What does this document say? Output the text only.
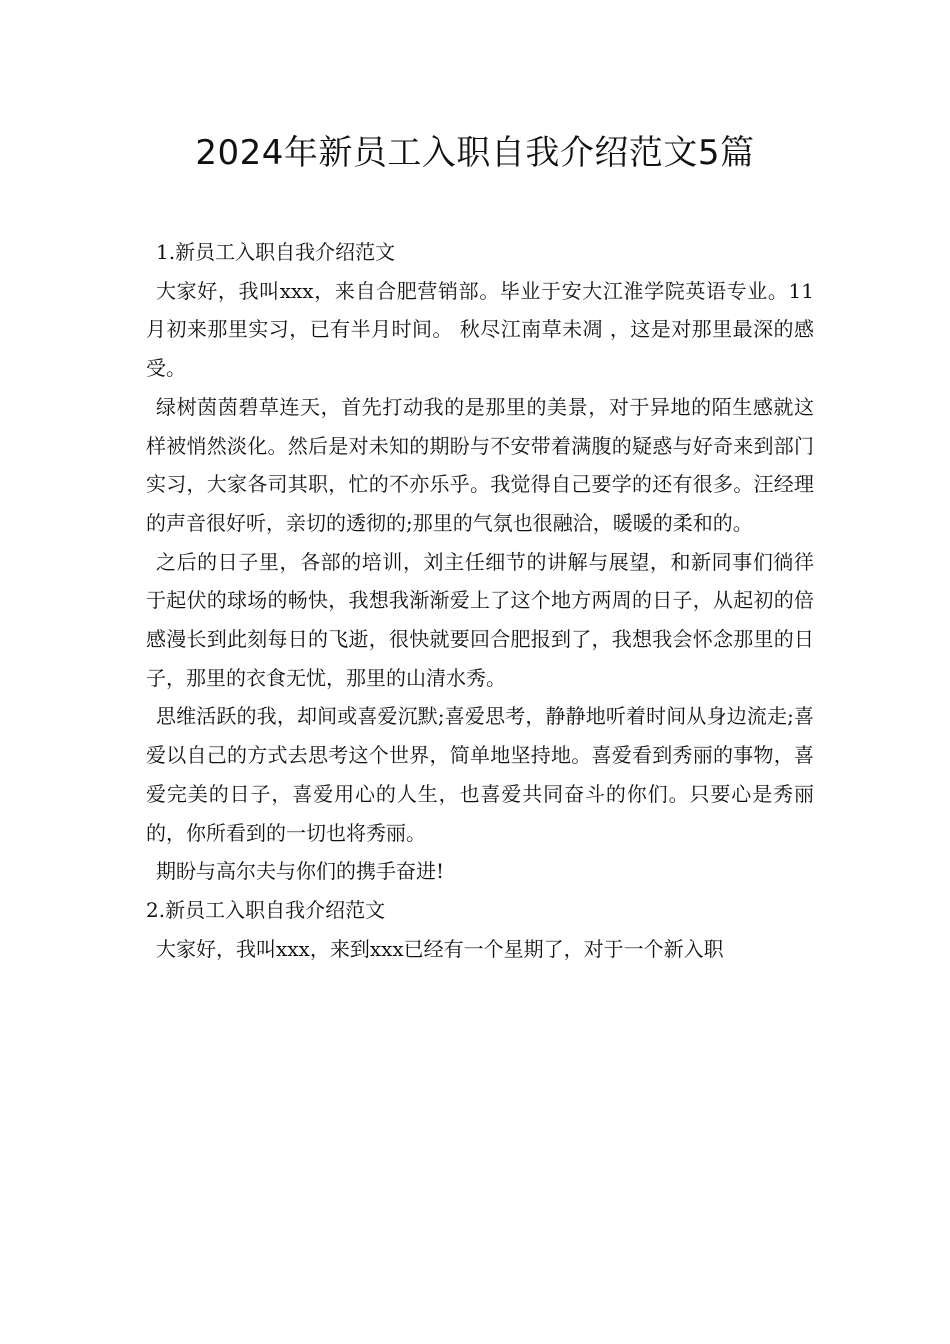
2024年新员工入职自我介绍范文5篇

1.新员工入职自我介绍范文

大家好，我叫xxx，来自合肥营销部。毕业于安大江淮学院英语专业。11月初来那里实习，已有半月时间。 秋尽江南草未凋 ，这是对那里最深的感受。

绿树茵茵碧草连天，首先打动我的是那里的美景，对于异地的陌生感就这样被悄然淡化。然后是对未知的期盼与不安带着满腹的疑惑与好奇来到部门实习，大家各司其职，忙的不亦乐乎。我觉得自己要学的还有很多。汪经理的声音很好听，亲切的透彻的;那里的气氛也很融洽，暖暖的柔和的。

之后的日子里，各部的培训，刘主任细节的讲解与展望，和新同事们徜徉于起伏的球场的畅快，我想我渐渐爱上了这个地方两周的日子，从起初的倍感漫长到此刻每日的飞逝，很快就要回合肥报到了，我想我会怀念那里的日子，那里的衣食无忧，那里的山清水秀。

思维活跃的我，却间或喜爱沉默;喜爱思考，静静地听着时间从身边流走;喜爱以自己的方式去思考这个世界，简单地坚持地。喜爱看到秀丽的事物，喜爱完美的日子，喜爱用心的人生，也喜爱共同奋斗的你们。只要心是秀丽的，你所看到的一切也将秀丽。

期盼与高尔夫与你们的携手奋进!

2.新员工入职自我介绍范文

大家好，我叫xxx，来到xxx已经有一个星期了，对于一个新入职
